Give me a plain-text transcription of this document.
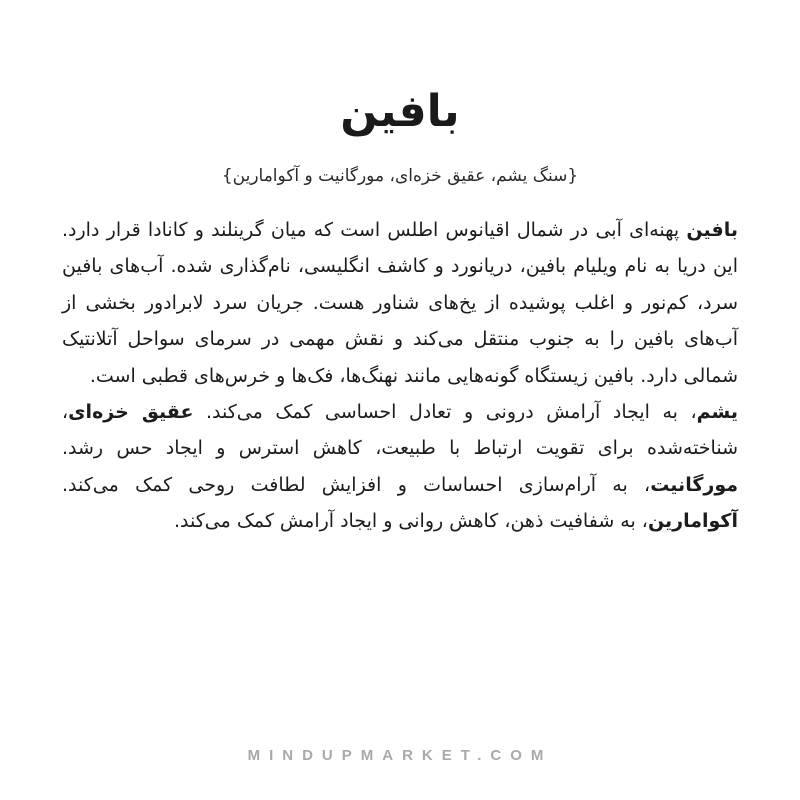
بافین
{سنگ یشم، عقیق خزه‌ای، مورگانیت و آکوامارین}

بافین پهنه‌ای آبی در شمال اقیانوس اطلس است که میان گرینلند و کانادا قرار دارد. این دریا به نام ویلیام بافین، دریانورد و کاشف انگلیسی، نام‌گذاری شده. آب‌های بافین سرد، کم‌نور و اغلب پوشیده از یخ‌های شناور هست. جریان سرد لابرادور بخشی از آب‌های بافین را به جنوب منتقل می‌کند و نقش مهمی در سرمای سواحل آتلانتیک شمالی دارد. بافین زیستگاه گونه‌هایی مانند نهنگ‌ها، فک‌ها و خرس‌های قطبی است.

یشم، به ایجاد آرامش درونی و تعادل احساسی کمک می‌کند. عقیق خزه‌ای، شناخته‌شده برای تقویت ارتباط با طبیعت، کاهش استرس و ایجاد حس رشد. مورگانیت، به آرام‌سازی احساسات و افزایش لطافت روحی کمک می‌کند. آکوامارین، به شفافیت ذهن، کاهش روانی و ایجاد آرامش کمک می‌کند.

MINDUPMARKET.COM
